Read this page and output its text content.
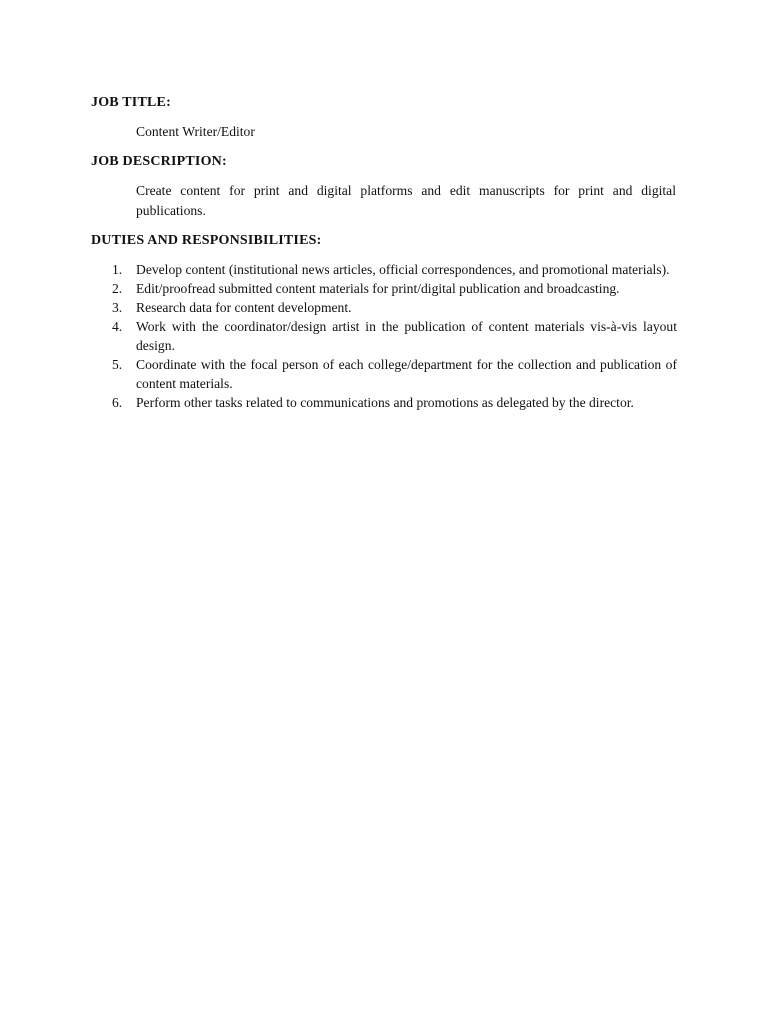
JOB TITLE:

Content Writer/Editor

JOB DESCRIPTION:

Create content for print and digital platforms and edit manuscripts for print and digital publications.

DUTIES AND RESPONSIBILITIES:
1.	Develop content (institutional news articles, official correspondences, and promotional materials).
2.	Edit/proofread submitted content materials for print/digital publication and broadcasting.
3.	Research data for content development.
4.	Work with the coordinator/design artist in the publication of content materials vis-à-vis layout design.
5.	Coordinate with the focal person of each college/department for the collection and publication of content materials.
6.	Perform other tasks related to communications and promotions as delegated by the director.
